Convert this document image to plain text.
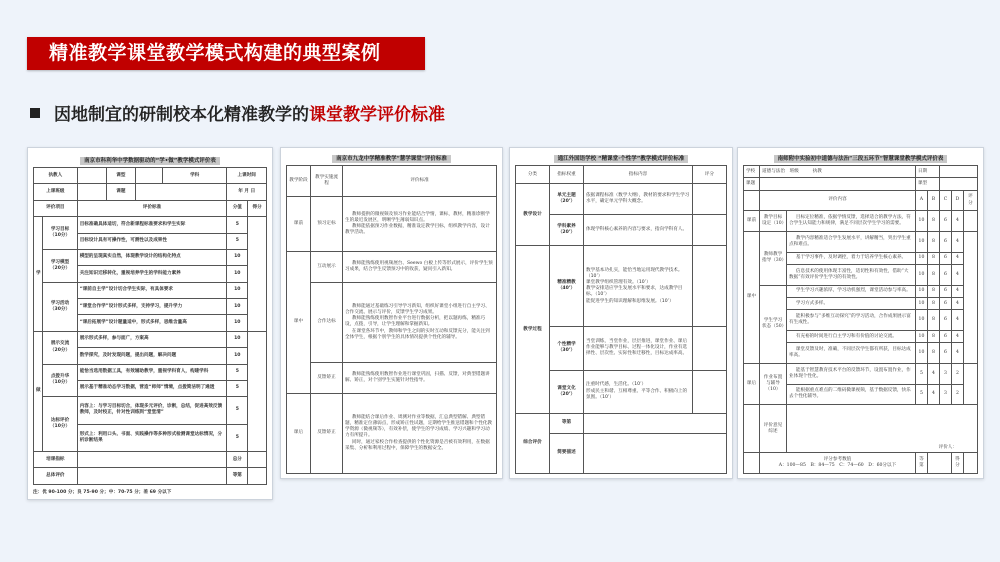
精准教学课堂教学模式构建的典型案例
因地制宜的研制校本化精准教学的 课堂教学评价标准
南京市科利华中学数据驱动的“学•做”教学模式评价表
执教人			课型		学科	上课时间	
上课班级			课题			年 月 日	
评价项目		评价标准				分值	得分
学	学习目标
（10分）	目标准确具体适切，符合新课程标准要求和学生实际				5	
		目标设计具有可操作性，可测性以及成果性				5	
	学习模型
（20分）	模型的呈现真实自然，体现教学设计的结构化特点				10	
		关注知识迁移转化，重视培养学生的学科能力素养				10	
	学习活动
（30分）	“课前自主学”设计切合学生实际，有具体要求				10	
		“课堂合作学”设计形式多样，支持学习，提升学力				10	
		“课后拓展学”设计题量适中，形式多样，思维含量高				10	
做	展示交流
（20分）	展示形式多样，参与面广，方案高				10	
		数学探究，及时发现问题，提出问题，解决问题				10	
	点拨升华
（10分）	能恰当选用数据工具，有效辅助教学，重视学科育人，构建学科				5	
		展示基于精准动态学习数据，营造“师师”情境，点拨简洁明了通透				5	
	达标评价
（10分）	内容上：与学习目标切合，体现多元评价，诊断，总结，促进高效反馈教师，及时校正，针对性训练到“堂堂清”				5	
		形式上：利用口头、书面、实践操作等多种形式检测课堂达标情况，分析诊断结果				5	
培课指标						总分	
总体评价						等第	
注：优 90-100 分；良 75-90 分；中：70-75 分；差 69 分以下
南京市九龙中学精准教学“慧学课堂”评价标准
教学阶段	教学实施流程	评价标准
课前	预习定标	教师提供的微视频及预习作业能结合学情，课标，教材，精准诊断学生的最近发展区，明晰学生薄弱知识点。
教师能依据预习作业数据，精准设定教学目标，组织教学内容，设计教学活动。

课中	互动展示	教师能熟练使用视频展台、Seewo 白板上传等形式展示，评价学生预习成果，结合学生反馈预习中的收获，疑问引入新知。

	合作达标	教师能通过基础练习引导学习新知，组织好课堂小组进行自主学习、合作交流、展示与评价，反馈学生学习成果。
教师能熟练使用数智作业平台进行数据分析，把以题再练，精准巧设，点拨，引导，让学生理解和掌握新知。
在课堂各环节中，教师和学生之间的实时互动和反馈充分，能关注到全体学生，根据个别学生的具体情况提供个性化的辅导。

	反馈矫正	教师能熟练使用数智作业进行课堂巩固，扫描、反馈，对典型错题讲解、矫正，对个别学生实施针对性指导。

课后	反馈矫正	教师能结合课后作业、周测对作业等数据，汇总典型错解、典型错题，精准定位薄弱点，形成矫正性试题，定期给学生推送错题和个性化教学资源（微视频等），有效补偿，使学生的学习成绩、学习兴趣和学习动力有所提升。
同时，通过家校合作检查提供的个性化资源是否被有效利用，在数据采集、分析和利用过程中，保障学生的数据安全。
通江外国语学校 “精课堂·个性学”教学模式评价标准
分类	指标权重	指标内容	评分
教学设计	单元主题
（20’）	依据课程标准（数学大纲），教材的要求和学生学习水平，确定单元学科大概念。	
	学科素养
（20’）	体现学科核心素养的内容与要求，指向学科育人。	
教学过程	精准精教
（40’）	数学基本功扎实，能恰当地运用现代教学技术。（10’）
课堂教学组织管理有效。（10’）
教学安排适应学生发展水平和要求，达成教学目标。（10’）
能促进学生的知识理解和思维发展。（10’）	
	个性精学
（30’）	当堂训练，当堂作业，层层推进，课堂作业、课后作业能够与教学目标、过程一体化设计，作业有选择性、层次性、实际性和迁移性，目标达成率高。	
	课堂文化
（20’）	注重时代感，生活化。（10’）
形成民主和谐、互相尊重、平等合作、积极向上的氛围。（10’）	
综合评价	等第		
	简要描述		
南师附中实验初中道德与法治“三段五环节”智慧课堂教学模式评价表
学校	道德与法治　 班级　　　 执教		日期				
课题			课型				
	评价内容		A	B	C	D	评分
课前	教学目标设定（10）	目标定位精准，依据学情反馈，选择适合的教学方法，符合学生认知能力和规律，满足不同层次学生学习的需要。	10	8	6	4	
课中	教师教学指导（30）	教学内容精准适合学生发展水平，讲解精当，突出学生重点和难点。	10	8	6	4	

		基于学习事件，及时调控，着力于培养学生核心素养。	10	8	6	4	

		信息技术的使用体现丰富性，适切性和有效性，借助“大数据”有效评价学生学习的有效性。	10	8	6	4	
	学生学习状态（50）	学生学习兴趣浓厚，学习动机强烈，课堂活动参与率高。	10	8	6	4	

		学习方式多样。	10	8	6	4	

		能积极参与“多维互动探究”的学习活动，合作成果展示富有生成性。	10	8	6	4	

		有充裕的时间进行自主学习和有价值的讨论交流。	10	8	6	4	

		课堂反馈及时，准确，不同层次学生都有所获，目标达成率高。	10	8	6	4	
课后	作业布置与辅导（10）	能基于智慧教育技术平台的反馈环节，设置布置作业，作业体现个性化。	5	4	3	2	

		能根据重点难点的二维码微课视频，基于数据反馈，快乐去个性化辅导。	5	4	3	2	
	评价意见综述	评价人：					
	评分参考数值
A：100—85　B：84—75　C：74—60　D：60分以下		等第			得分	
